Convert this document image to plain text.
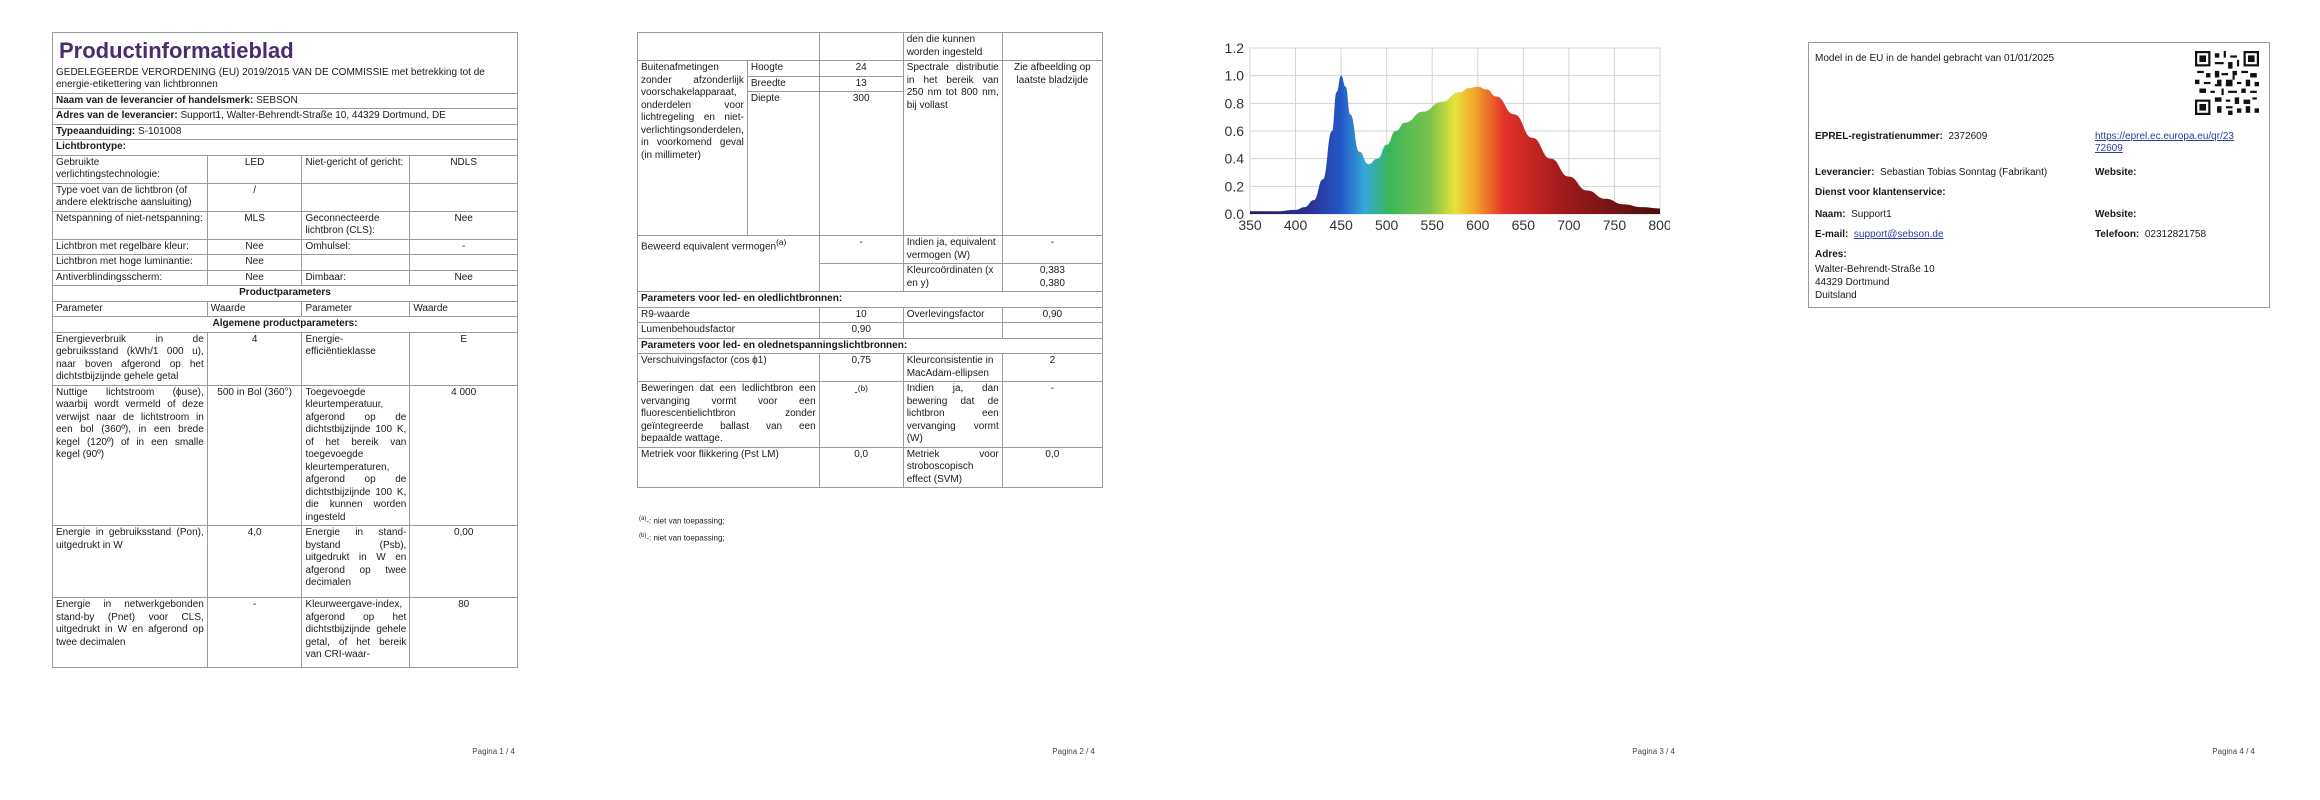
Productinformatieblad
GEDELEGEERDE VERORDENING (EU) 2019/2015 VAN DE COMMISSIE met betrekking tot de energie-etikettering van lichtbronnen			

Naam van de leverancier of handelsmerk: SEBSON			
Adres van de leverancier: Support1, Walter-Behrendt-Straße 10, 44329 Dortmund, DE			
Typeaanduiding: S-101008			
Lichtbrontype:			
Gebruikte verlichtingstechnologie:	LED	Niet-gericht of gericht:	NDLS
Type voet van de lichtbron (of andere elektrische aansluiting)	/		
Netspanning of niet-netspanning:	MLS	Geconnecteerde lichtbron (CLS):	Nee
Lichtbron met regelbare kleur:	Nee	Omhulsel:	-
Lichtbron met hoge luminantie:	Nee		
Antiverblindingsscherm:	Nee	Dimbaar:	Nee
Productparameters			
Parameter	Waarde	Parameter	Waarde
Algemene productparameters:			
Energieverbruik in de gebruiksstand (kWh/1 000 u), naar boven afgerond op het dichtstbijzijnde gehele getal	4	Energie-efficiëntieklasse	E
Nuttige lichtstroom (ϕuse), waarbij wordt vermeld of deze verwijst naar de lichtstroom in een bol (360º), in een brede kegel (120º) of in een smalle kegel (90º)	500 in Bol (360°)	Toegevoegde kleurtemperatuur, afgerond op de dichtstbijzijnde 100 K, of het bereik van toegevoegde kleurtemperaturen, afgerond op de dichtstbijzijnde 100 K, die kunnen worden ingesteld	4 000
Energie in gebruiksstand (Pon), uitgedrukt in W	4,0	Energie in stand-bystand (Psb), uitgedrukt in W en afgerond op twee decimalen	0,00
Energie in netwerkgebonden stand-by (Pnet) voor CLS, uitgedrukt in W en afgerond op twee decimalen	-	Kleurweergave-index, afgerond op het dichtstbijzijnde gehele getal, of het bereik van CRI-waar-	80
Pagina 1 / 4
			den die kunnen worden ingesteld	
Buitenafmetingen zonder afzonderlijk voorschakelapparaat, onderdelen voor lichtregeling en niet-verlichtingsonderdelen, in voorkomend geval (in millimeter)	Hoogte	24	Spectrale distributie in het bereik van 250 nm tot 800 nm, bij vollast	Zie afbeelding op laatste bladzijde
	Breedte	13		
	Diepte	300		
Beweerd equivalent vermogen$^{(a)}$		-	Indien ja, equivalent vermogen (W)	-
			Kleurcoördinaten (x en y)	0,383
0,380
Parameters voor led- en oledlichtbronnen:				
R9-waarde		10	Overlevingsfactor	0,90
Lumenbehoudsfactor		0,90		
Parameters voor led- en olednetspanningslichtbronnen:				
Verschuivingsfactor (cos ϕ1)		0,75	Kleurconsistentie in MacAdam-ellipsen	2
Beweringen dat een ledlichtbron een vervanging vormt voor een fluorescentielichtbron zonder geïntegreerde ballast van een bepaalde wattage.		-$^{(b)}$	Indien ja, dan bewering dat de lichtbron een vervanging vormt (W)	-
Metriek voor flikkering (Pst LM)		0,0	Metriek voor stroboscopisch effect (SVM)	0,0
$^{(a)}$-: niet van toepassing;
$^{(b)}$-: niet van toepassing;
Pagina 2 / 4
350 400 450 500 550 600 650 700 750 800
0.0
0.2
0.4
0.6
0.8
1.0
1.2
Pagina 3 / 4
Model in de EU in de handel gebracht van 01/01/2025
EPREL-registratienummer: 2372609	https://eprel.ec.europa.eu/qr/23
72609
Leverancier: Sebastian Tobias Sonntag (Fabrikant)	Website:
Dienst voor klantenservice:
Naam: Support1	Website:
E-mail: support@sebson.de	Telefoon: 02312821758
Adres:
Walter-Behrendt-Straße 10
44329 Dortmund
Duitsland
Pagina 4 / 4
